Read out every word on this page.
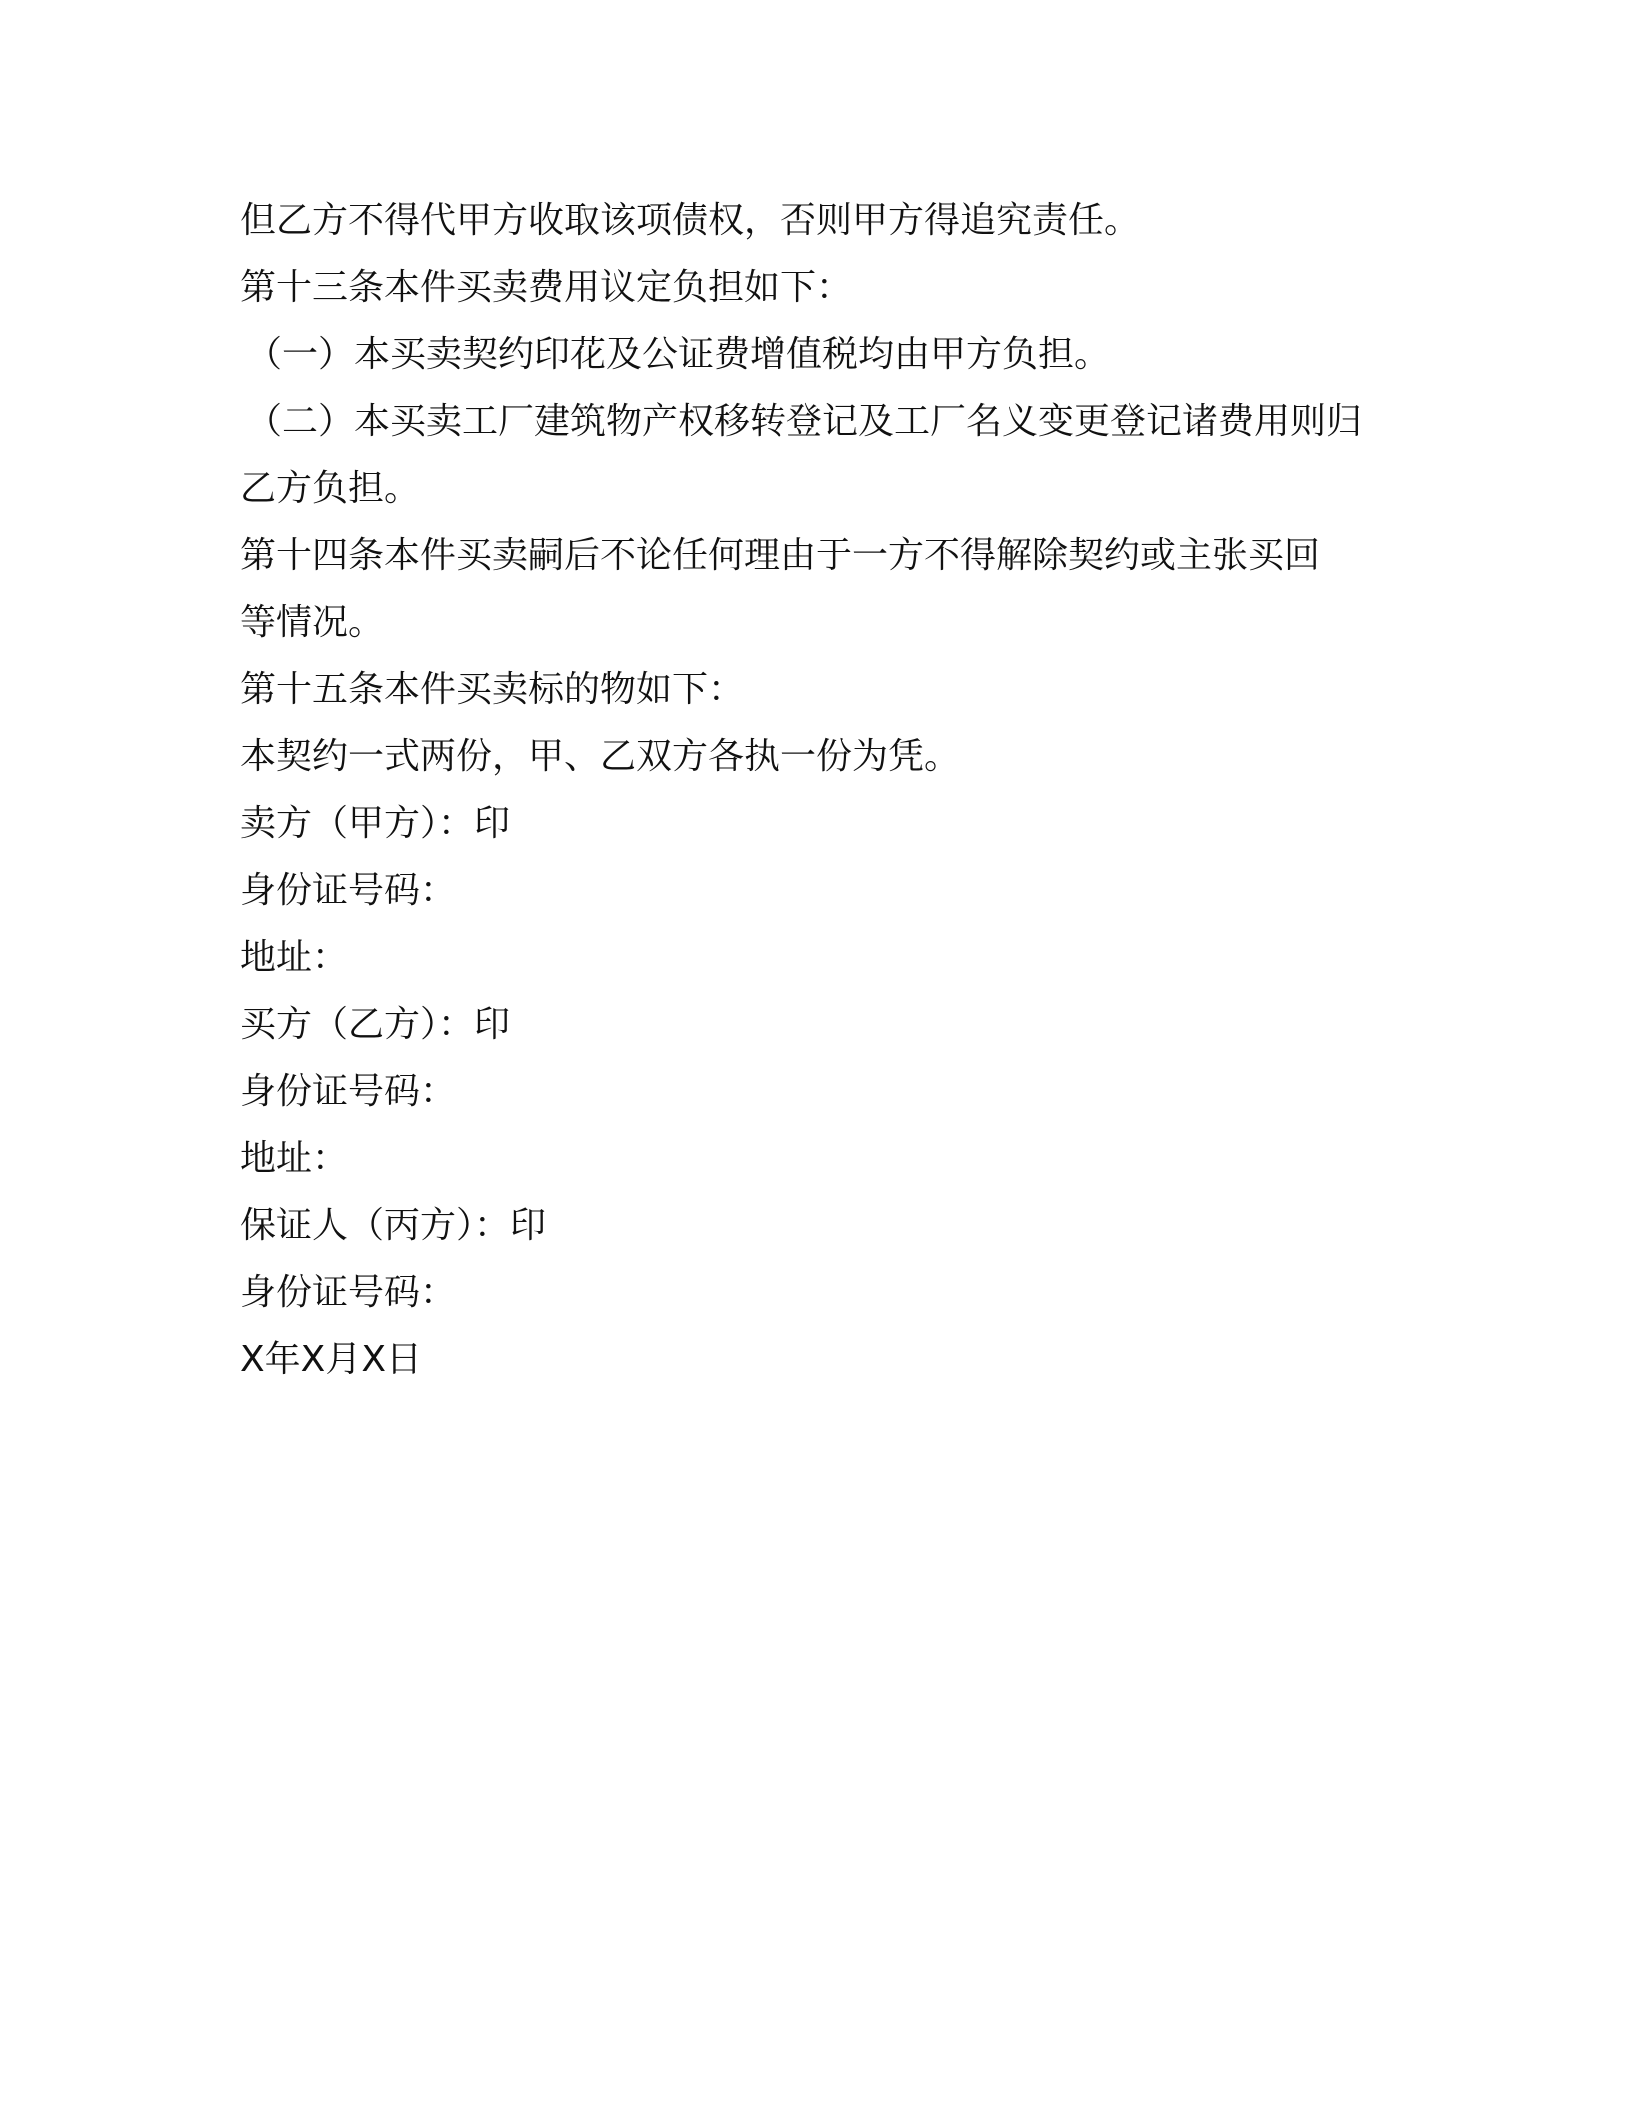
但乙方不得代甲方收取该项债权，否则甲方得追究责任。
第十三条本件买卖费用议定负担如下：
（一）本买卖契约印花及公证费增值税均由甲方负担。
（二）本买卖工厂建筑物产权移转登记及工厂名义变更登记诸费用则归
乙方负担。
第十四条本件买卖嗣后不论任何理由于一方不得解除契约或主张买回
等情况。
第十五条本件买卖标的物如下：
本契约一式两份，甲、乙双方各执一份为凭。
卖方（甲方）：印
身份证号码：
地址：
买方（乙方）：印
身份证号码：
地址：
保证人（丙方）：印
身份证号码：
X年X月X日
